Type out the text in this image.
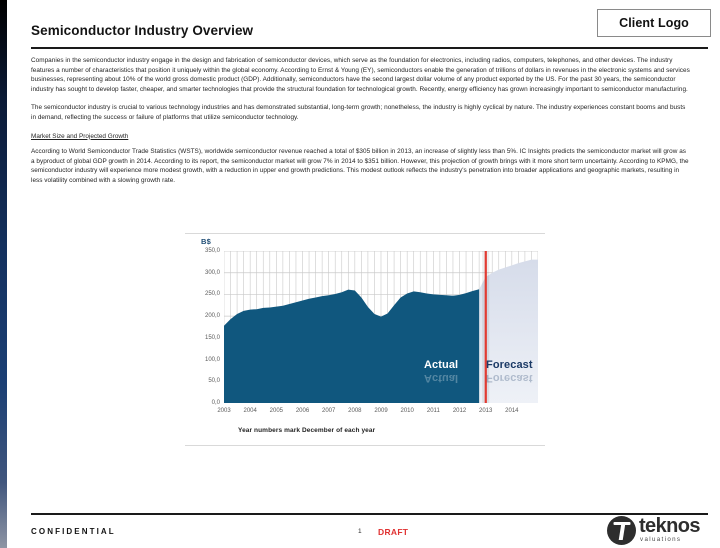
Semiconductor Industry Overview	Client Logo

Companies in the semiconductor industry engage in the design and fabrication of semiconductor devices, which serve as the foundation for electronics, including radios, computers, telephones, and other devices. The industry features a number of characteristics that position it uniquely within the global economy. According to Ernst & Young (EY), semiconductors enable the generation of trillions of dollars in revenues in the electronic systems and services businesses, representing about 10% of the world gross domestic product (GDP). Additionally, semiconductors have the second largest dollar volume of any product exported by the US. For the past 30 years, the semiconductor industry has sought to develop faster, cheaper, and smarter technologies that provide the structural foundation for technological growth. Recently, energy efficiency has grown increasingly important to semiconductor manufacturing.

The semiconductor industry is crucial to various technology industries and has demonstrated substantial, long-term growth; nonetheless, the industry is highly cyclical by nature. The industry experiences constant booms and busts in demand, reflecting the success or failure of platforms that utilize semiconductor technology.

Market Size and Projected Growth

According to World Semiconductor Trade Statistics (WSTS), worldwide semiconductor revenue reached a total of $305 billion in 2013, an increase of slightly less than 5%. IC Insights predicts the semiconductor market will grow as a byproduct of global GDP growth in 2014. According to its report, the semiconductor market will grow 7% in 2014 to $351 billion. However, this projection of growth brings with it more short term uncertainty. According to KPMG, the semiconductor industry will experience more modest growth, with a reduction in upper end growth predictions. This modest outlook reflects the industry's penetration into broader applications and geographic markets, resulting in less volatility combined with a slowing growth rate.

B$
0,0
50,0
100,0
150,0
200,0
250,0
300,0
350,0
Actual
Actual
Forecast
Forecast
2003 2004 2005 2006 2007 2008 2009 2010 2011 2012 2013 2014
Year numbers mark December of each year
CONFIDENTIAL	1 DRAFT	teknos
valuations
